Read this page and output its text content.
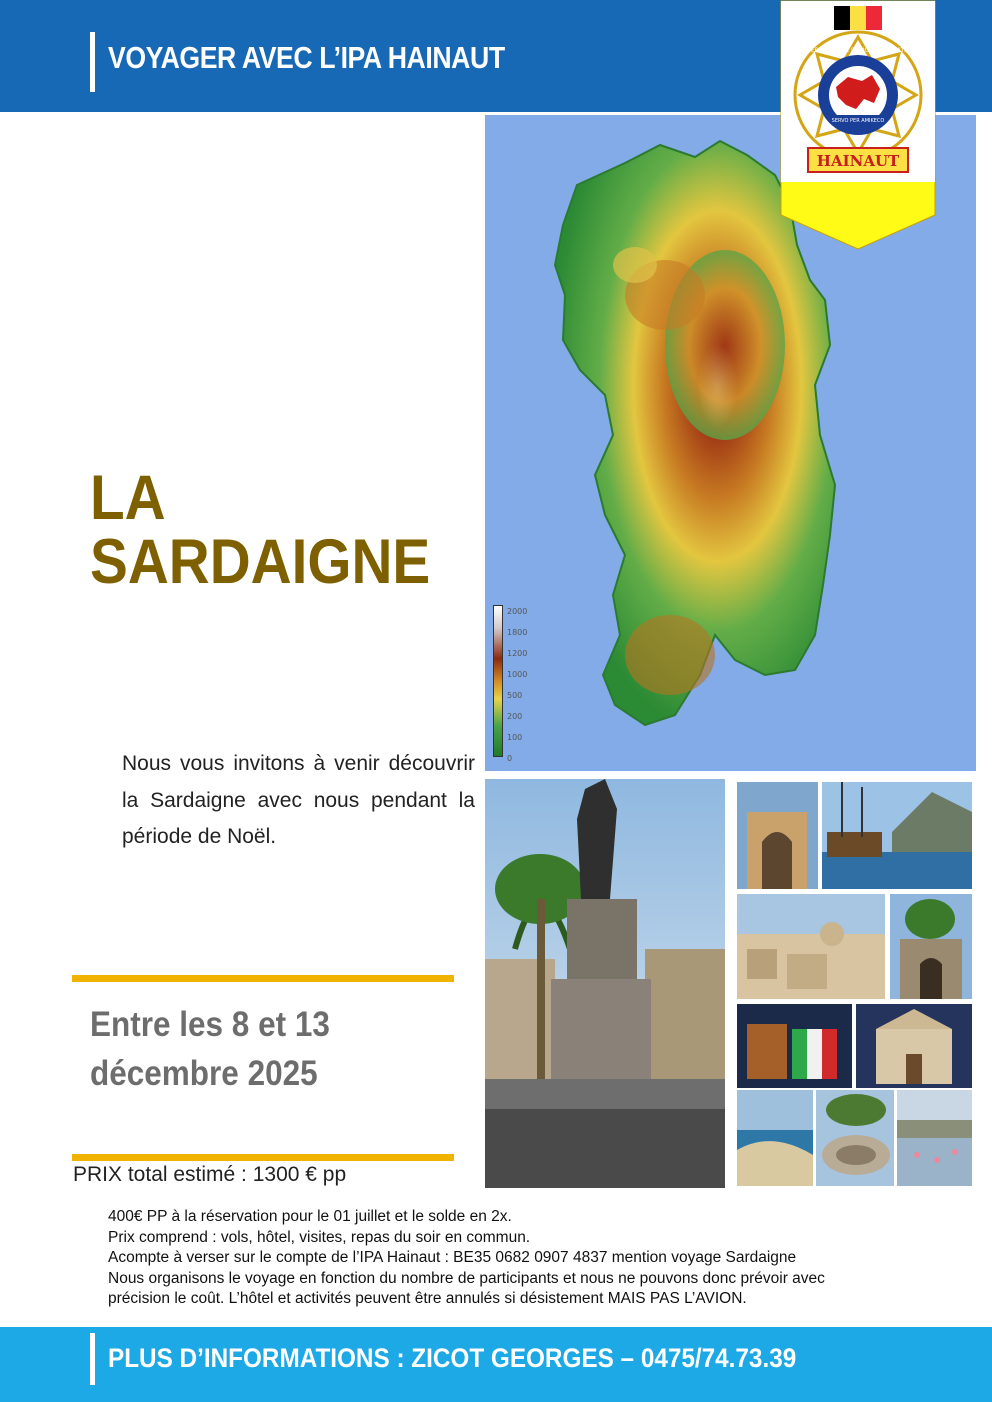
VOYAGER AVEC L’IPA HAINAUT
2000
1800
1200
1000
500
200
100
0
INTERNATIONAL POLICE ASSOCIATION
SERVO PER AMIKECO
HAINAUT
LA
SARDAIGNE
Nous vous invitons à venir découvrir la Sardaigne avec nous pendant la période de Noël.
Entre les 8 et 13
décembre 2025
PRIX total estimé : 1300 € pp
400€ PP à la réservation pour le 01 juillet et le solde en 2x.
Prix comprend : vols, hôtel, visites, repas du soir en commun.
Acompte à verser sur le compte de l’IPA Hainaut : BE35 0682 0907 4837 mention voyage Sardaigne
Nous organisons le voyage en fonction du nombre de participants et nous ne pouvons donc prévoir avec
précision le coût. L’hôtel et activités peuvent être annulés si désistement MAIS PAS L’AVION.
PLUS D’INFORMATIONS : ZICOT GEORGES – 0475/74.73.39
